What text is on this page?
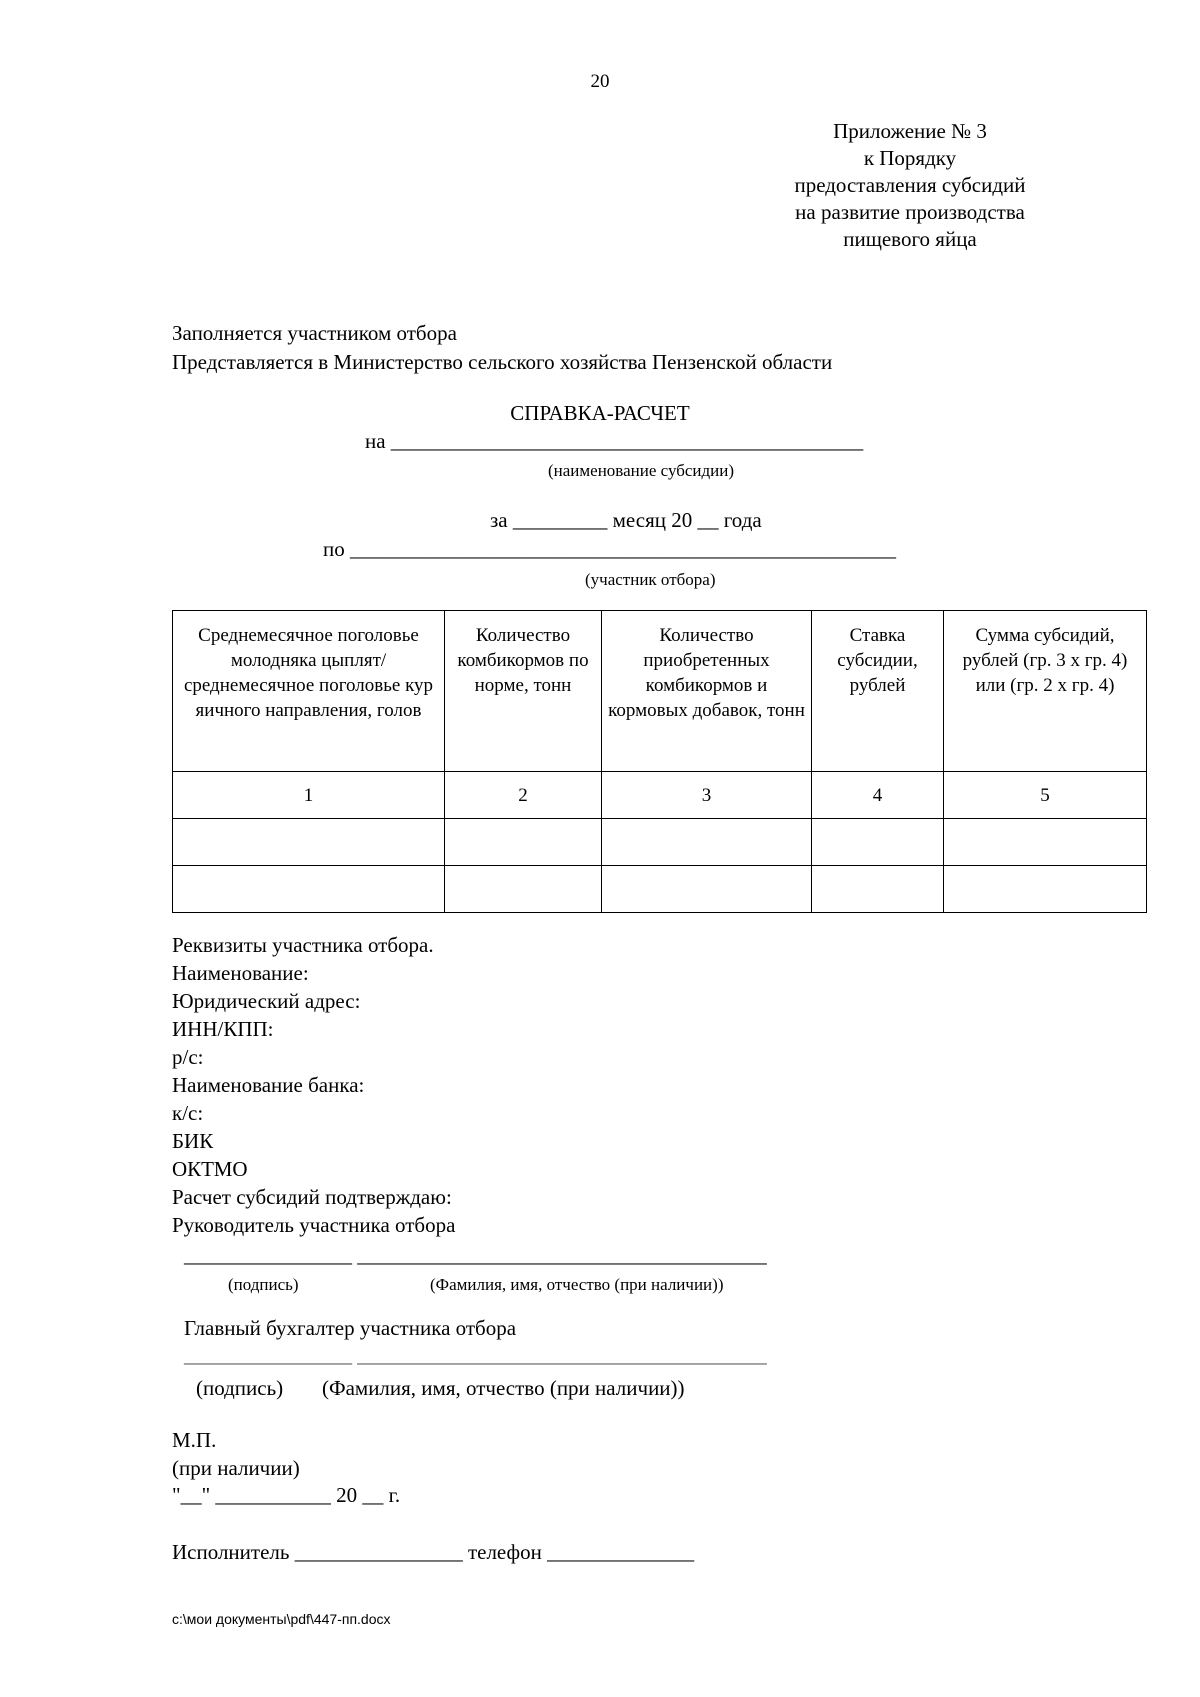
20
Приложение № 3
к Порядку
предоставления субсидий
на развитие производства
пищевого яйца
Заполняется участником отбора
Представляется в Министерство сельского хозяйства Пензенской области
СПРАВКА-РАСЧЕТ
на _____________________________________________
(наименование субсидии)
за _________ месяц 20 __ года
по ____________________________________________________
(участник отбора)
Среднемесячное поголовье молодняка цыплят/среднемесячное поголовье кур яичного направления, голов	Количество комбикормов по норме, тонн	Количество приобретенных комбикормов и кормовых добавок, тонн	Ставка субсидии, рублей	Сумма субсидий, рублей (гр. 3 х гр. 4) или (гр. 2 х гр. 4)
1	2	3	4	5

Реквизиты участника отбора.
Наименование:
Юридический адрес:
ИНН/КПП:
р/с:
Наименование банка:
к/с:
БИК
ОКТМО
Расчет субсидий подтверждаю:
Руководитель участника отбора
________________ _______________________________________
(подпись)	(Фамилия, имя, отчество (при наличии))
Главный бухгалтер участника отбора
________________ _______________________________________
(подпись) (Фамилия, имя, отчество (при наличии))
М.П.
(при наличии)
"__" ___________ 20 __ г.
Исполнитель ________________ телефон ______________
c:\мои документы\pdf\447-пп.docx
